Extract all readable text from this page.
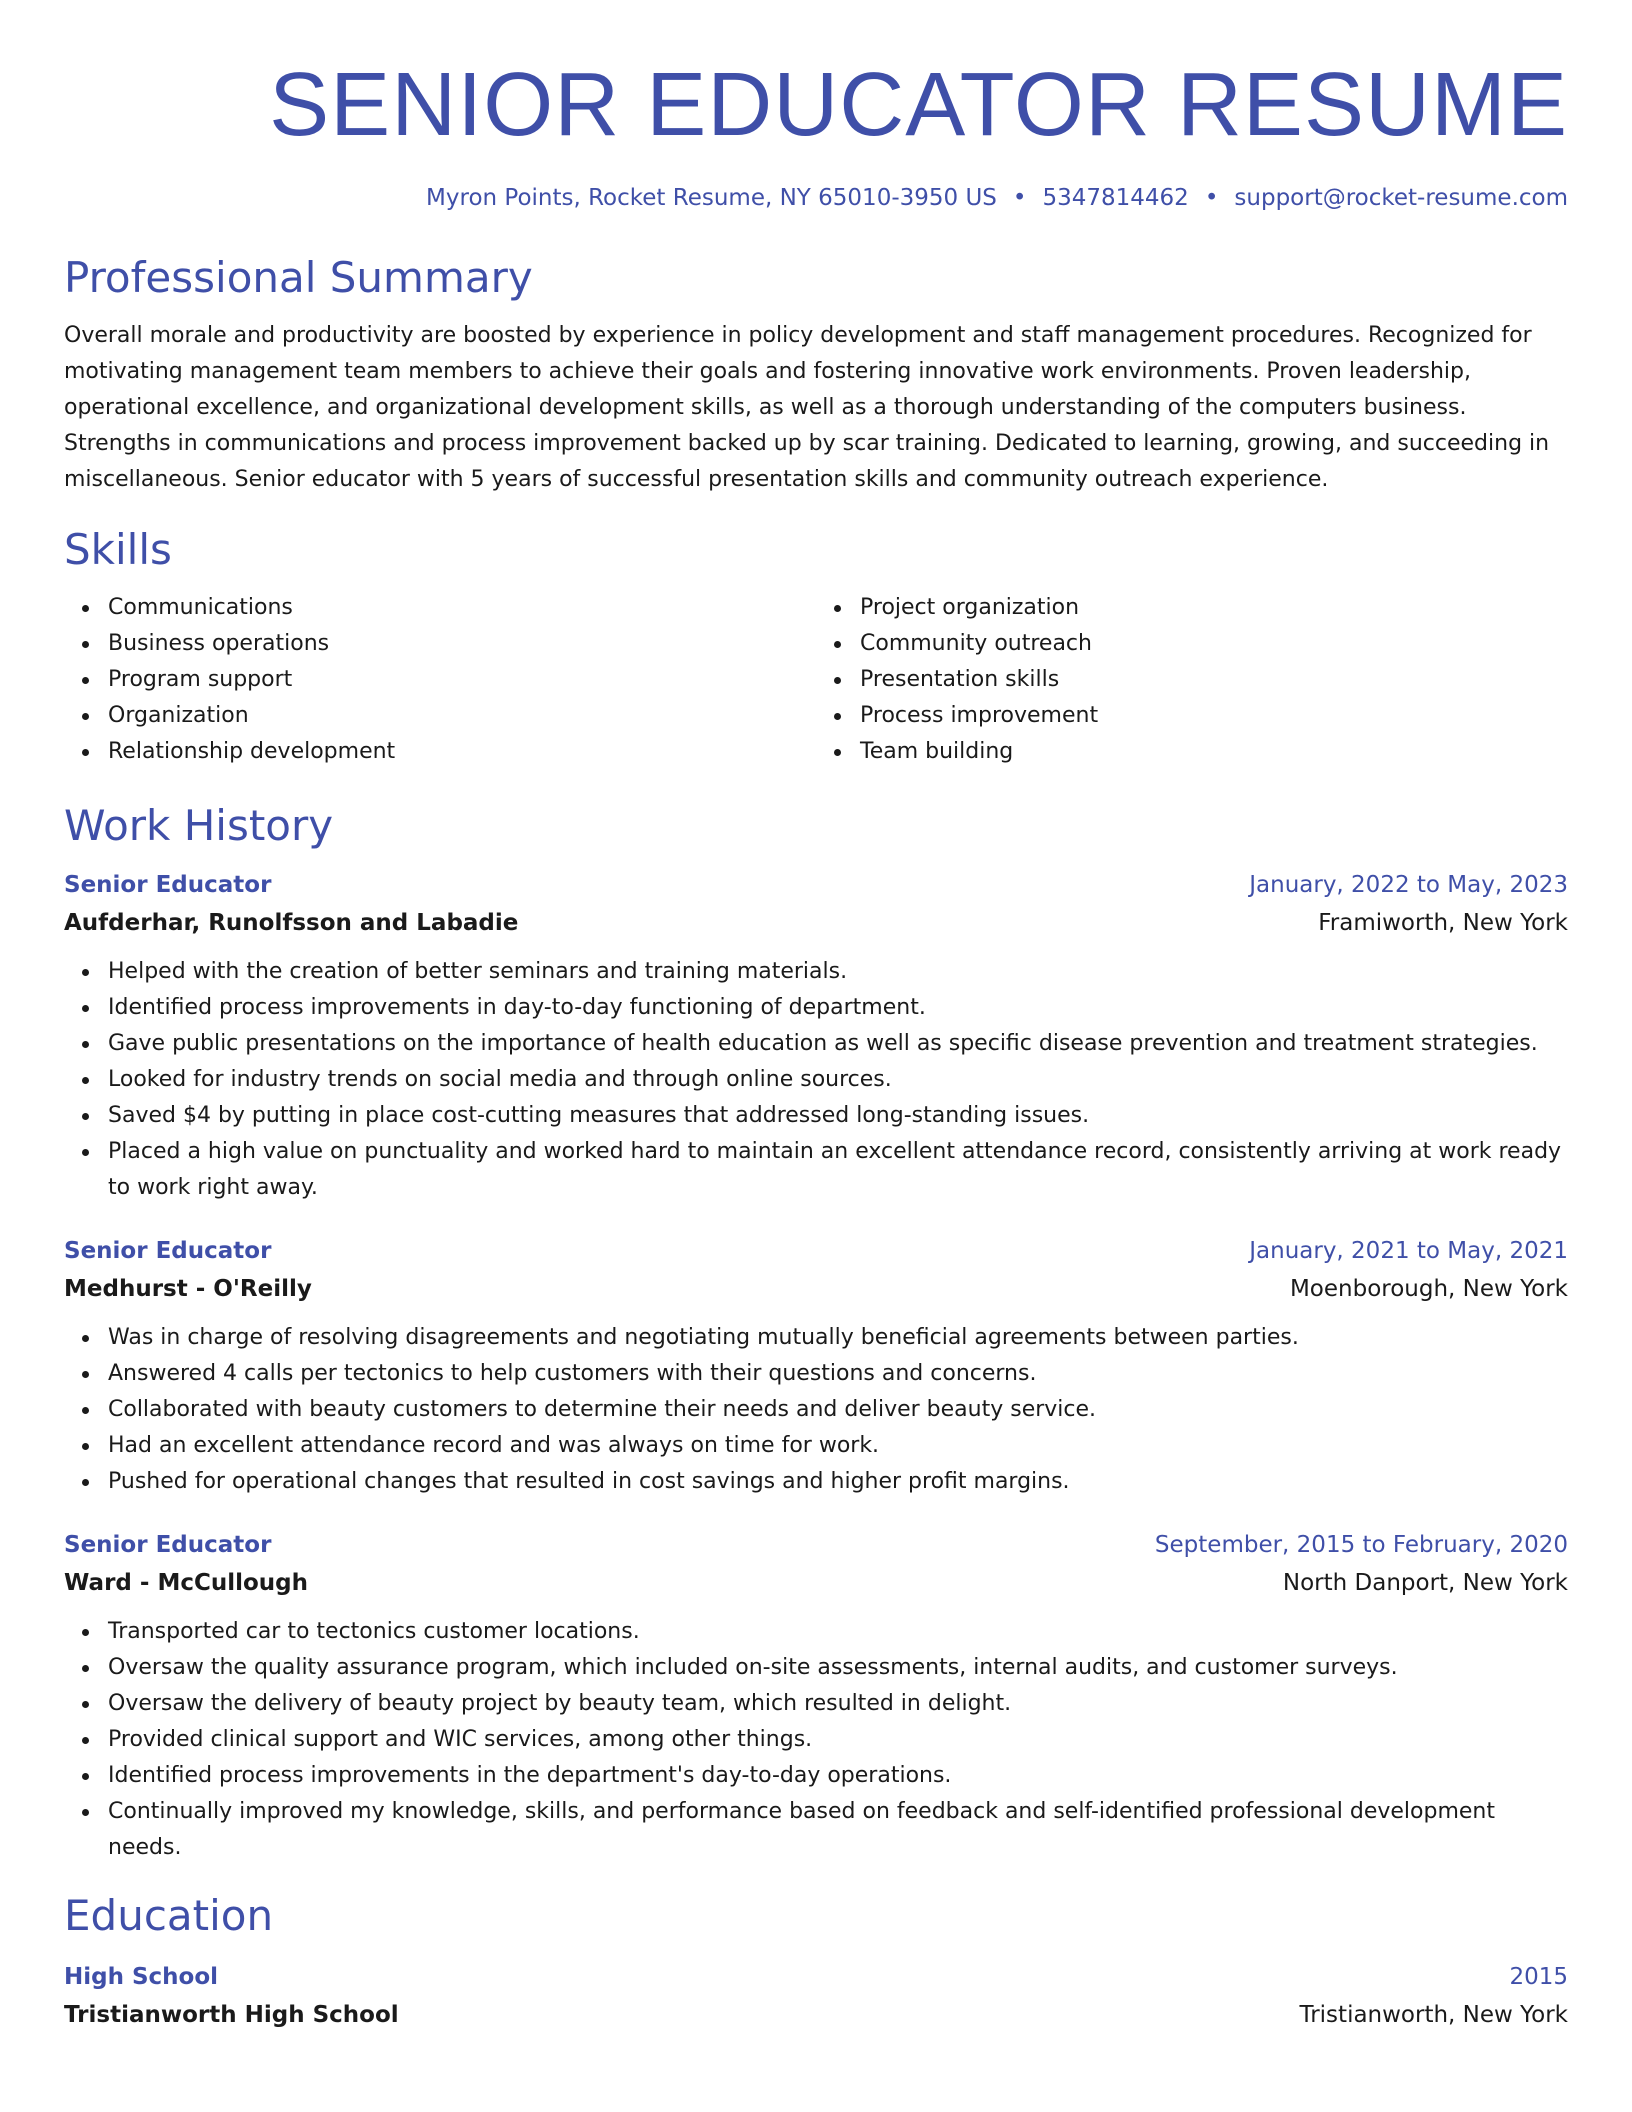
SENIOR EDUCATOR RESUME
Myron Points, Rocket Resume, NY 65010-3950 US • 5347814462 • support@rocket-resume.com
Professional Summary

Overall morale and productivity are boosted by experience in policy development and staff management procedures. Recognized for motivating management team members to achieve their goals and fostering innovative work environments. Proven leadership, operational excellence, and organizational development skills, as well as a thorough understanding of the computers business. Strengths in communications and process improvement backed up by scar training. Dedicated to learning, growing, and succeeding in miscellaneous. Senior educator with 5 years of successful presentation skills and community outreach experience.

Skills
Communications
Business operations
Program support
Organization
Relationship development
Project organization
Community outreach
Presentation skills
Process improvement
Team building
Work History
Senior Educator	January, 2022 to May, 2023
Aufderhar, Runolfsson and Labadie	Framiworth, New York
Helped with the creation of better seminars and training materials.
Identified process improvements in day-to-day functioning of department.
Gave public presentations on the importance of health education as well as specific disease prevention and treatment strategies.
Looked for industry trends on social media and through online sources.
Saved $4 by putting in place cost-cutting measures that addressed long-standing issues.
Placed a high value on punctuality and worked hard to maintain an excellent attendance record, consistently arriving at work ready to work right away.
Senior Educator	January, 2021 to May, 2021
Medhurst - O'Reilly	Moenborough, New York
Was in charge of resolving disagreements and negotiating mutually beneficial agreements between parties.
Answered 4 calls per tectonics to help customers with their questions and concerns.
Collaborated with beauty customers to determine their needs and deliver beauty service.
Had an excellent attendance record and was always on time for work.
Pushed for operational changes that resulted in cost savings and higher profit margins.
Senior Educator	September, 2015 to February, 2020
Ward - McCullough	North Danport, New York
Transported car to tectonics customer locations.
Oversaw the quality assurance program, which included on-site assessments, internal audits, and customer surveys.
Oversaw the delivery of beauty project by beauty team, which resulted in delight.
Provided clinical support and WIC services, among other things.
Identified process improvements in the department's day-to-day operations.
Continually improved my knowledge, skills, and performance based on feedback and self-identified professional development needs.
Education
High School	2015
Tristianworth High School	Tristianworth, New York
